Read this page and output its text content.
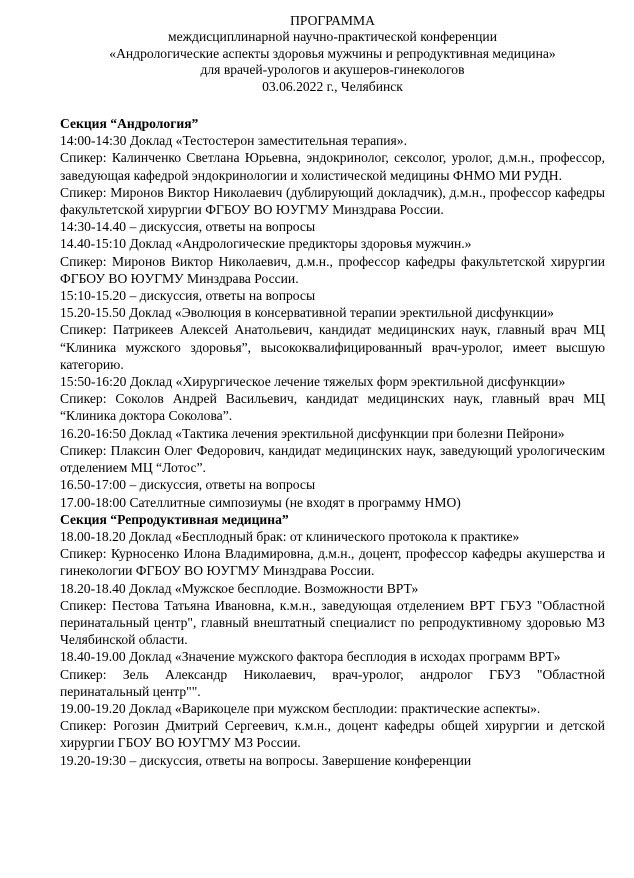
ПРОГРАММА
междисциплинарной научно-практической конференции
«Андрологические аспекты здоровья мужчины и репродуктивная медицина»
для врачей-урологов и акушеров-гинекологов
03.06.2022 г., Челябинск
Секция “Андрология”
14:00-14:30 Доклад «Тестостерон заместительная терапия».
Спикер: Калинченко Светлана Юрьевна, эндокринолог, сексолог, уролог, д.м.н., профессор, заведующая кафедрой эндокринологии и холистической медицины ФНМО МИ РУДН.
Спикер: Миронов Виктор Николаевич (дублирующий докладчик), д.м.н., профессор кафедры факультетской хирургии ФГБОУ ВО ЮУГМУ Минздрава России.
14:30-14.40 – дискуссия, ответы на вопросы
14.40-15:10 Доклад «Андрологические предикторы здоровья мужчин.»
Спикер: Миронов Виктор Николаевич, д.м.н., профессор кафедры факультетской хирургии ФГБОУ ВО ЮУГМУ Минздрава России.
15:10-15.20 – дискуссия, ответы на вопросы
15.20-15.50 Доклад «Эволюция в консервативной терапии эректильной дисфункции»
Спикер: Патрикеев Алексей Анатольевич, кандидат медицинских наук, главный врач МЦ “Клиника мужского здоровья”, высококвалифицированный врач-уролог, имеет высшую категорию.
15:50-16:20 Доклад «Хирургическое лечение тяжелых форм эректильной дисфункции»
Спикер: Соколов Андрей Васильевич, кандидат медицинских наук, главный врач МЦ “Клиника доктора Соколова”.
16.20-16:50 Доклад «Тактика лечения эректильной дисфункции при болезни Пейрони»
Спикер: Плаксин Олег Федорович, кандидат медицинских наук, заведующий урологическим отделением МЦ “Лотос”.
16.50-17:00 – дискуссия, ответы на вопросы
17.00-18:00 Сателлитные симпозиумы (не входят в программу НМО)
Секция “Репродуктивная медицина”
18.00-18.20 Доклад «Бесплодный брак: от клинического протокола к практике»
Спикер: Курносенко Илона Владимировна, д.м.н., доцент, профессор кафедры акушерства и гинекологии ФГБОУ ВО ЮУГМУ Минздрава России.
18.20-18.40 Доклад «Мужское бесплодие. Возможности ВРТ»
Спикер: Пестова Татьяна Ивановна, к.м.н., заведующая отделением ВРТ ГБУЗ "Областной перинатальный центр", главный внештатный специалист по репродуктивному здоровью МЗ Челябинской области.
18.40-19.00 Доклад «Значение мужского фактора бесплодия в исходах программ ВРТ»
Спикер: Зель Александр Николаевич, врач-уролог, андролог ГБУЗ "Областной перинатальный центр"".
19.00-19.20 Доклад «Варикоцеле при мужском бесплодии: практические аспекты».
Спикер: Рогозин Дмитрий Сергеевич, к.м.н., доцент кафедры общей хирургии и детской хирургии ГБОУ ВО ЮУГМУ МЗ России.
19.20-19:30 – дискуссия, ответы на вопросы. Завершение конференции
